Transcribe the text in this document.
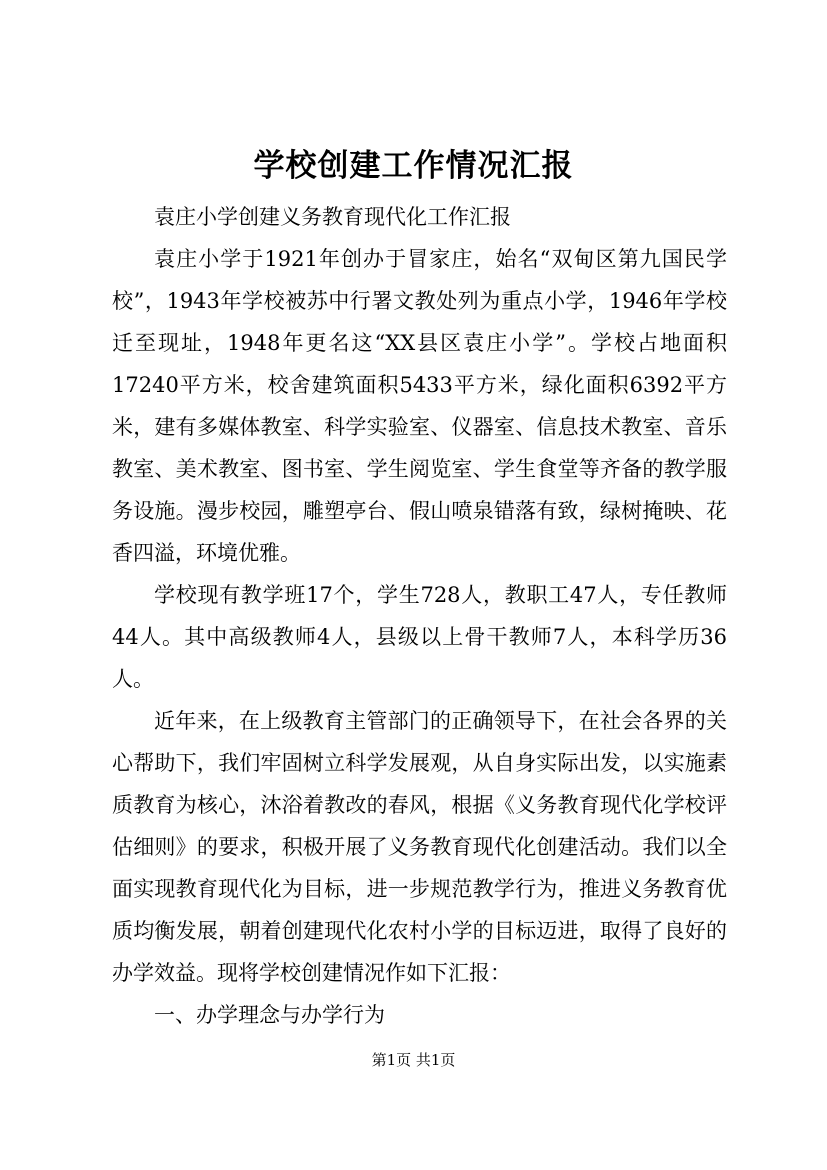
学校创建工作情况汇报

袁庄小学创建义务教育现代化工作汇报

袁庄小学于1921年创办于冒家庄，始名“双甸区第九国民学校”，1943年学校被苏中行署文教处列为重点小学，1946年学校迁至现址，1948年更名这“XX县区袁庄小学”。学校占地面积17240平方米，校舍建筑面积5433平方米，绿化面积6392平方米，建有多媒体教室、科学实验室、仪器室、信息技术教室、音乐教室、美术教室、图书室、学生阅览室、学生食堂等齐备的教学服务设施。漫步校园，雕塑亭台、假山喷泉错落有致，绿树掩映、花香四溢，环境优雅。

学校现有教学班17个，学生728人，教职工47人，专任教师44人。其中高级教师4人，县级以上骨干教师7人，本科学历36人。

近年来，在上级教育主管部门的正确领导下，在社会各界的关心帮助下，我们牢固树立科学发展观，从自身实际出发，以实施素质教育为核心，沐浴着教改的春风，根据《义务教育现代化学校评估细则》的要求，积极开展了义务教育现代化创建活动。我们以全面实现教育现代化为目标，进一步规范教学行为，推进义务教育优质均衡发展，朝着创建现代化农村小学的目标迈进，取得了良好的办学效益。现将学校创建情况作如下汇报：

一、办学理念与办学行为

第1页 共1页
